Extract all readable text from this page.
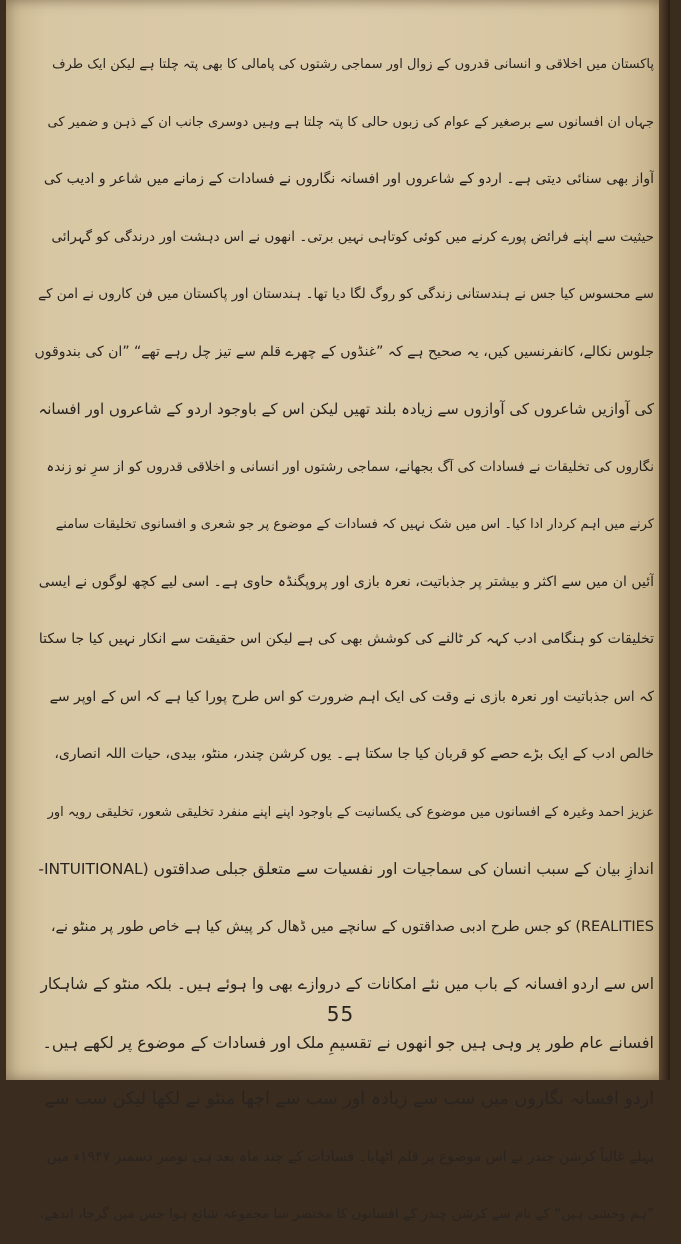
پاکستان میں اخلاقی و انسانی قدروں کے زوال اور سماجی رشتوں کی پامالی کا بھی پتہ چلتا ہے لیکن ایک طرف
جہاں ان افسانوں سے برصغیر کے عوام کی زبوں حالی کا پتہ چلتا ہے وہیں دوسری جانب ان کے ذہن و ضمیر کی
آواز بھی سنائی دیتی ہے۔ اردو کے شاعروں اور افسانہ نگاروں نے فسادات کے زمانے میں شاعر و ادیب کی
حیثیت سے اپنے فرائض پورے کرنے میں کوئی کوتاہی نہیں برتی۔ انھوں نے اس دہشت اور درندگی کو گہرائی
سے محسوس کیا جس نے ہندستانی زندگی کو روگ لگا دیا تھا۔ ہندستان اور پاکستان میں فن کاروں نے امن کے
جلوس نکالے، کانفرنسیں کیں، یہ صحیح ہے کہ ”غنڈوں کے چھرے قلم سے تیز چل رہے تھے“ ”ان کی بندوقوں
کی آوازیں شاعروں کی آوازوں سے زیادہ بلند تھیں لیکن اس کے باوجود اردو کے شاعروں اور افسانہ
نگاروں کی تخلیقات نے فسادات کی آگ بجھانے، سماجی رشتوں اور انسانی و اخلاقی قدروں کو از سرِ نو زندہ
کرنے میں اہم کردار ادا کیا۔ اس میں شک نہیں کہ فسادات کے موضوع پر جو شعری و افسانوی تخلیقات سامنے
آئیں ان میں سے اکثر و بیشتر پر جذباتیت، نعرہ بازی اور پروپگنڈہ حاوی ہے۔ اسی لیے کچھ لوگوں نے ایسی
تخلیقات کو ہنگامی ادب کہہ کر ٹالنے کی کوشش بھی کی ہے لیکن اس حقیقت سے انکار نہیں کیا جا سکتا
کہ اس جذباتیت اور نعرہ بازی نے وقت کی ایک اہم ضرورت کو اس طرح پورا کیا ہے کہ اس کے اوپر سے
خالص ادب کے ایک بڑے حصے کو قربان کیا جا سکتا ہے۔ یوں کرشن چندر، منٹو، بیدی، حیات اللہ انصاری،
عزیز احمد وغیرہ کے افسانوں میں موضوع کی یکسانیت کے باوجود اپنے اپنے منفرد تخلیقی شعور، تخلیقی رویہ اور
اندازِ بیان کے سبب انسان کی سماجیات اور نفسیات سے متعلق جبلی صداقتوں (INTUITIONAL-
REALITIES) کو جس طرح ادبی صداقتوں کے سانچے میں ڈھال کر پیش کیا ہے خاص طور پر منٹو نے،
اس سے اردو افسانہ کے باب میں نئے امکانات کے دروازے بھی وا ہوئے ہیں۔ بلکہ منٹو کے شاہکار
افسانے عام طور پر وہی ہیں جو انھوں نے تقسیمِ ملک اور فسادات کے موضوع پر لکھے ہیں۔
اردو افسانہ نگاروں میں سب سے زیادہ اور سب سے اچھا منٹو نے لکھا لیکن سب سے
پہلے غالباً کرشن چندر نے اس موضوع پر قلم اٹھایا۔ فسادات کے چند ماہ بعد ہی نومبر دسمبر ۱۹۴۷ء میں
”ہم وحشی ہیں“ کے نام سے کرشن چندر کے افسانوں کا مختصر سا مجموعہ شائع ہوا جس میں گرجا، اندھے،
55
